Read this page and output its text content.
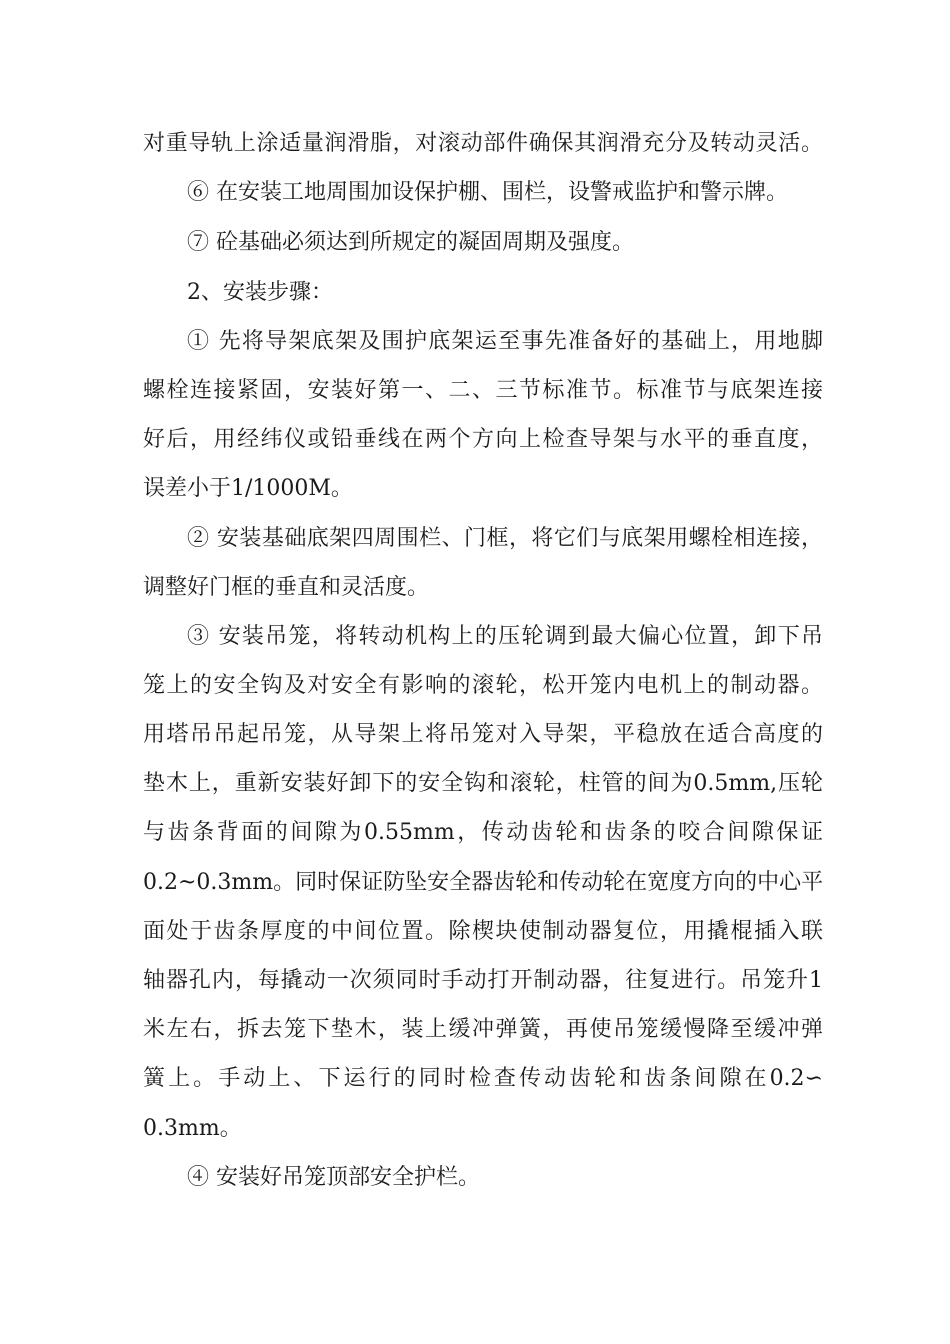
对重导轨上涂适量润滑脂，对滚动部件确保其润滑充分及转动灵活。
⑥ 在安装工地周围加设保护棚、围栏，设警戒监护和警示牌。
⑦ 砼基础必须达到所规定的凝固周期及强度。
2、安装步骤：
① 先将导架底架及围护底架运至事先准备好的基础上，用地脚
螺栓连接紧固，安装好第一、二、三节标准节。标准节与底架连接
好后，用经纬仪或铅垂线在两个方向上检查导架与水平的垂直度，
误差小于1/1000M。
② 安装基础底架四周围栏、门框，将它们与底架用螺栓相连接，
调整好门框的垂直和灵活度。
③ 安装吊笼，将转动机构上的压轮调到最大偏心位置，卸下吊
笼上的安全钩及对安全有影响的滚轮，松开笼内电机上的制动器。
用塔吊吊起吊笼，从导架上将吊笼对入导架，平稳放在适合高度的
垫木上，重新安装好卸下的安全钩和滚轮，柱管的间为0.5mm,压轮
与齿条背面的间隙为0.55mm，传动齿轮和齿条的咬合间隙保证
0.2~0.3mm。同时保证防坠安全器齿轮和传动轮在宽度方向的中心平
面处于齿条厚度的中间位置。除楔块使制动器复位，用撬棍插入联
轴器孔内，每撬动一次须同时手动打开制动器，往复进行。吊笼升1
米左右，拆去笼下垫木，装上缓冲弹簧，再使吊笼缓慢降至缓冲弹
簧上。手动上、下运行的同时检查传动齿轮和齿条间隙在0.2∽
0.3mm。
④ 安装好吊笼顶部安全护栏。
